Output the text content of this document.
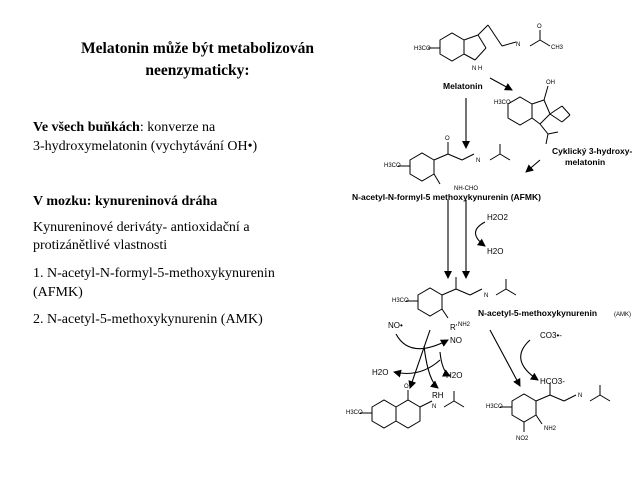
Melatonin může být metabolizován
neenzymaticky:
Ve všech buňkách: konverze na
3-hydroxymelatonin (vychytávání OH•)
V mozku: kynureninová dráha
Kynureninové deriváty- antioxidační a
protizánětlivé vlastnosti
1. N-acetyl-N-formyl-5-methoxykynurenin
(AFMK)
2. N-acetyl-5-methoxykynurenin (AMK)
Melatonin
Cyklický 3-hydroxy-
melatonin
N-acetyl-N-formyl-5 methoxykynurenin (AFMK)
N-acetyl-5-methoxykynurenin	(AMK)
H3CO
N H
N
O
CH3
OH
H3CO
H3CO
O
N
NH-CHO
H3CO
NH2
N
H3CO
N
O
H3CO
N
NH2
NO2
H2O2
H2O
NO•	R'
NO
H2O	H2O
RH
CO3•-
HCO3-
